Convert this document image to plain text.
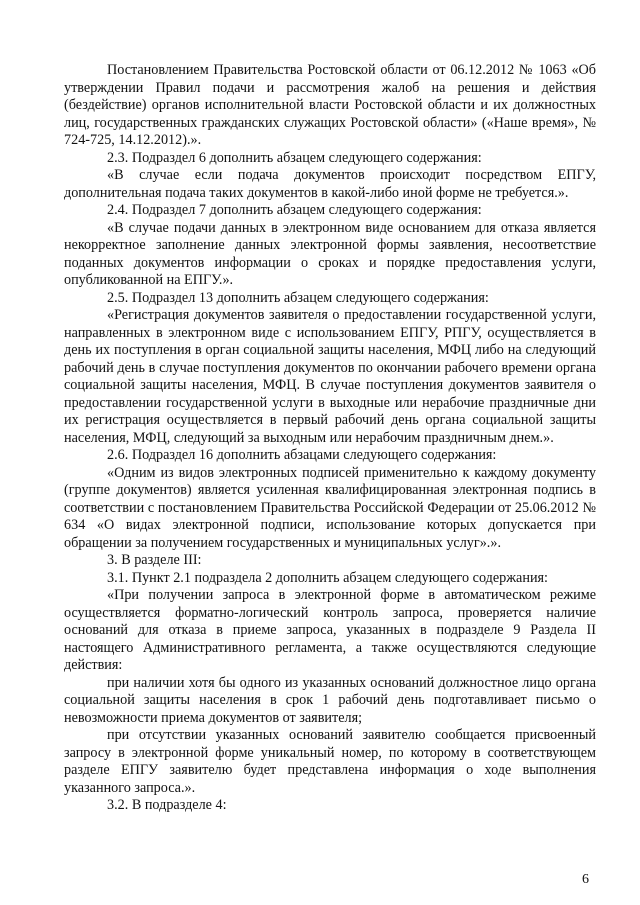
Постановлением Правительства Ростовской области от 06.12.2012 № 1063 «Об утверждении Правил подачи и рассмотрения жалоб на решения и действия (бездействие) органов исполнительной власти Ростовской области и их должностных лиц, государственных гражданских служащих Ростовской области» («Наше время», № 724-725, 14.12.2012).».

2.3. Подраздел 6 дополнить абзацем следующего содержания:

«В случае если подача документов происходит посредством ЕПГУ, дополнительная подача таких документов в какой-либо иной форме не требуется.».

2.4. Подраздел 7 дополнить абзацем следующего содержания:

«В случае подачи данных в электронном виде основанием для отказа является некорректное заполнение данных электронной формы заявления, несоответствие поданных документов информации о сроках и порядке предоставления услуги, опубликованной на ЕПГУ.».

2.5. Подраздел 13 дополнить абзацем следующего содержания:

«Регистрация документов заявителя о предоставлении государственной услуги, направленных в электронном виде с использованием ЕПГУ, РПГУ, осуществляется в день их поступления в орган социальной защиты населения, МФЦ либо на следующий рабочий день в случае поступления документов по окончании рабочего времени органа социальной защиты населения, МФЦ. В случае поступления документов заявителя о предоставлении государственной услуги в выходные или нерабочие праздничные дни их регистрация осуществляется в первый рабочий день органа социальной защиты населения, МФЦ, следующий за выходным или нерабочим праздничным днем.».

2.6. Подраздел 16 дополнить абзацами следующего содержания:

«Одним из видов электронных подписей применительно к каждому документу (группе документов) является усиленная квалифицированная электронная подпись в соответствии с постановлением Правительства Российской Федерации от 25.06.2012 № 634 «О видах электронной подписи, использование которых допускается при обращении за получением государственных и муниципальных услуг».».

3. В разделе III:

3.1. Пункт 2.1 подраздела 2 дополнить абзацем следующего содержания:

«При получении запроса в электронной форме в автоматическом режиме осуществляется форматно-логический контроль запроса, проверяется наличие оснований для отказа в приеме запроса, указанных в подразделе 9 Раздела II настоящего Административного регламента, а также осуществляются следующие действия:

при наличии хотя бы одного из указанных оснований должностное лицо органа социальной защиты населения в срок 1 рабочий день подготавливает письмо о невозможности приема документов от заявителя;

при отсутствии указанных оснований заявителю сообщается присвоенный запросу в электронной форме уникальный номер, по которому в соответствующем разделе ЕПГУ заявителю будет представлена информация о ходе выполнения указанного запроса.».

3.2. В подразделе 4:

6
